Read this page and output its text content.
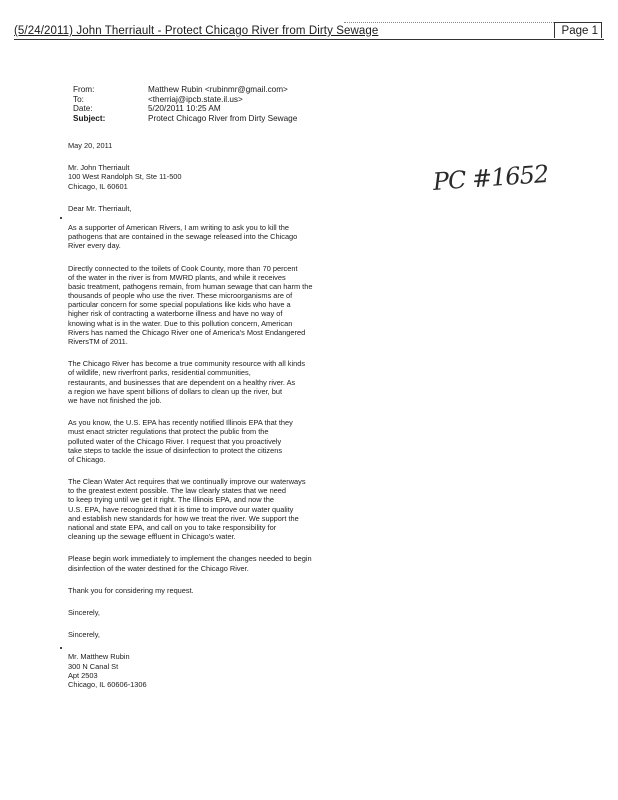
(5/24/2011) John Therriault - Protect Chicago River from Dirty Sewage	Page 1
From:	Matthew Rubin <rubinmr@gmail.com>
To:	<therriaj@ipcb.state.il.us>
Date:	5/20/2011 10:25 AM
Subject:	Protect Chicago River from Dirty Sewage
PC #1652
May 20, 2011
Mr. John Therriault
100 West Randolph St, Ste 11-500
Chicago, IL 60601
Dear Mr. Therriault,
As a supporter of American Rivers, I am writing to ask you to kill the
pathogens that are contained in the sewage released into the Chicago
River every day.
Directly connected to the toilets of Cook County, more than 70 percent
of the water in the river is from MWRD plants, and while it receives
basic treatment, pathogens remain, from human sewage that can harm the
thousands of people who use the river. These microorganisms are of
particular concern for some special populations like kids who have a
higher risk of contracting a waterborne illness and have no way of
knowing what is in the water. Due to this pollution concern, American
Rivers has named the Chicago River one of America's Most Endangered
RiversTM of 2011.
The Chicago River has become a true community resource with all kinds
of wildlife, new riverfront parks, residential communities,
restaurants, and businesses that are dependent on a healthy river. As
a region we have spent billions of dollars to clean up the river, but
we have not finished the job.
As you know, the U.S. EPA has recently notified Illinois EPA that they
must enact stricter regulations that protect the public from the
polluted water of the Chicago River. I request that you proactively
take steps to tackle the issue of disinfection to protect the citizens
of Chicago.
The Clean Water Act requires that we continually improve our waterways
to the greatest extent possible. The law clearly states that we need
to keep trying until we get it right. The Illinois EPA, and now the
U.S. EPA, have recognized that it is time to improve our water quality
and establish new standards for how we treat the river. We support the
national and state EPA, and call on you to take responsibility for
cleaning up the sewage effluent in Chicago's water.
Please begin work immediately to implement the changes needed to begin
disinfection of the water destined for the Chicago River.
Thank you for considering my request.
Sincerely,
Sincerely,
Mr. Matthew Rubin
300 N Canal St
Apt 2503
Chicago, IL 60606-1306
